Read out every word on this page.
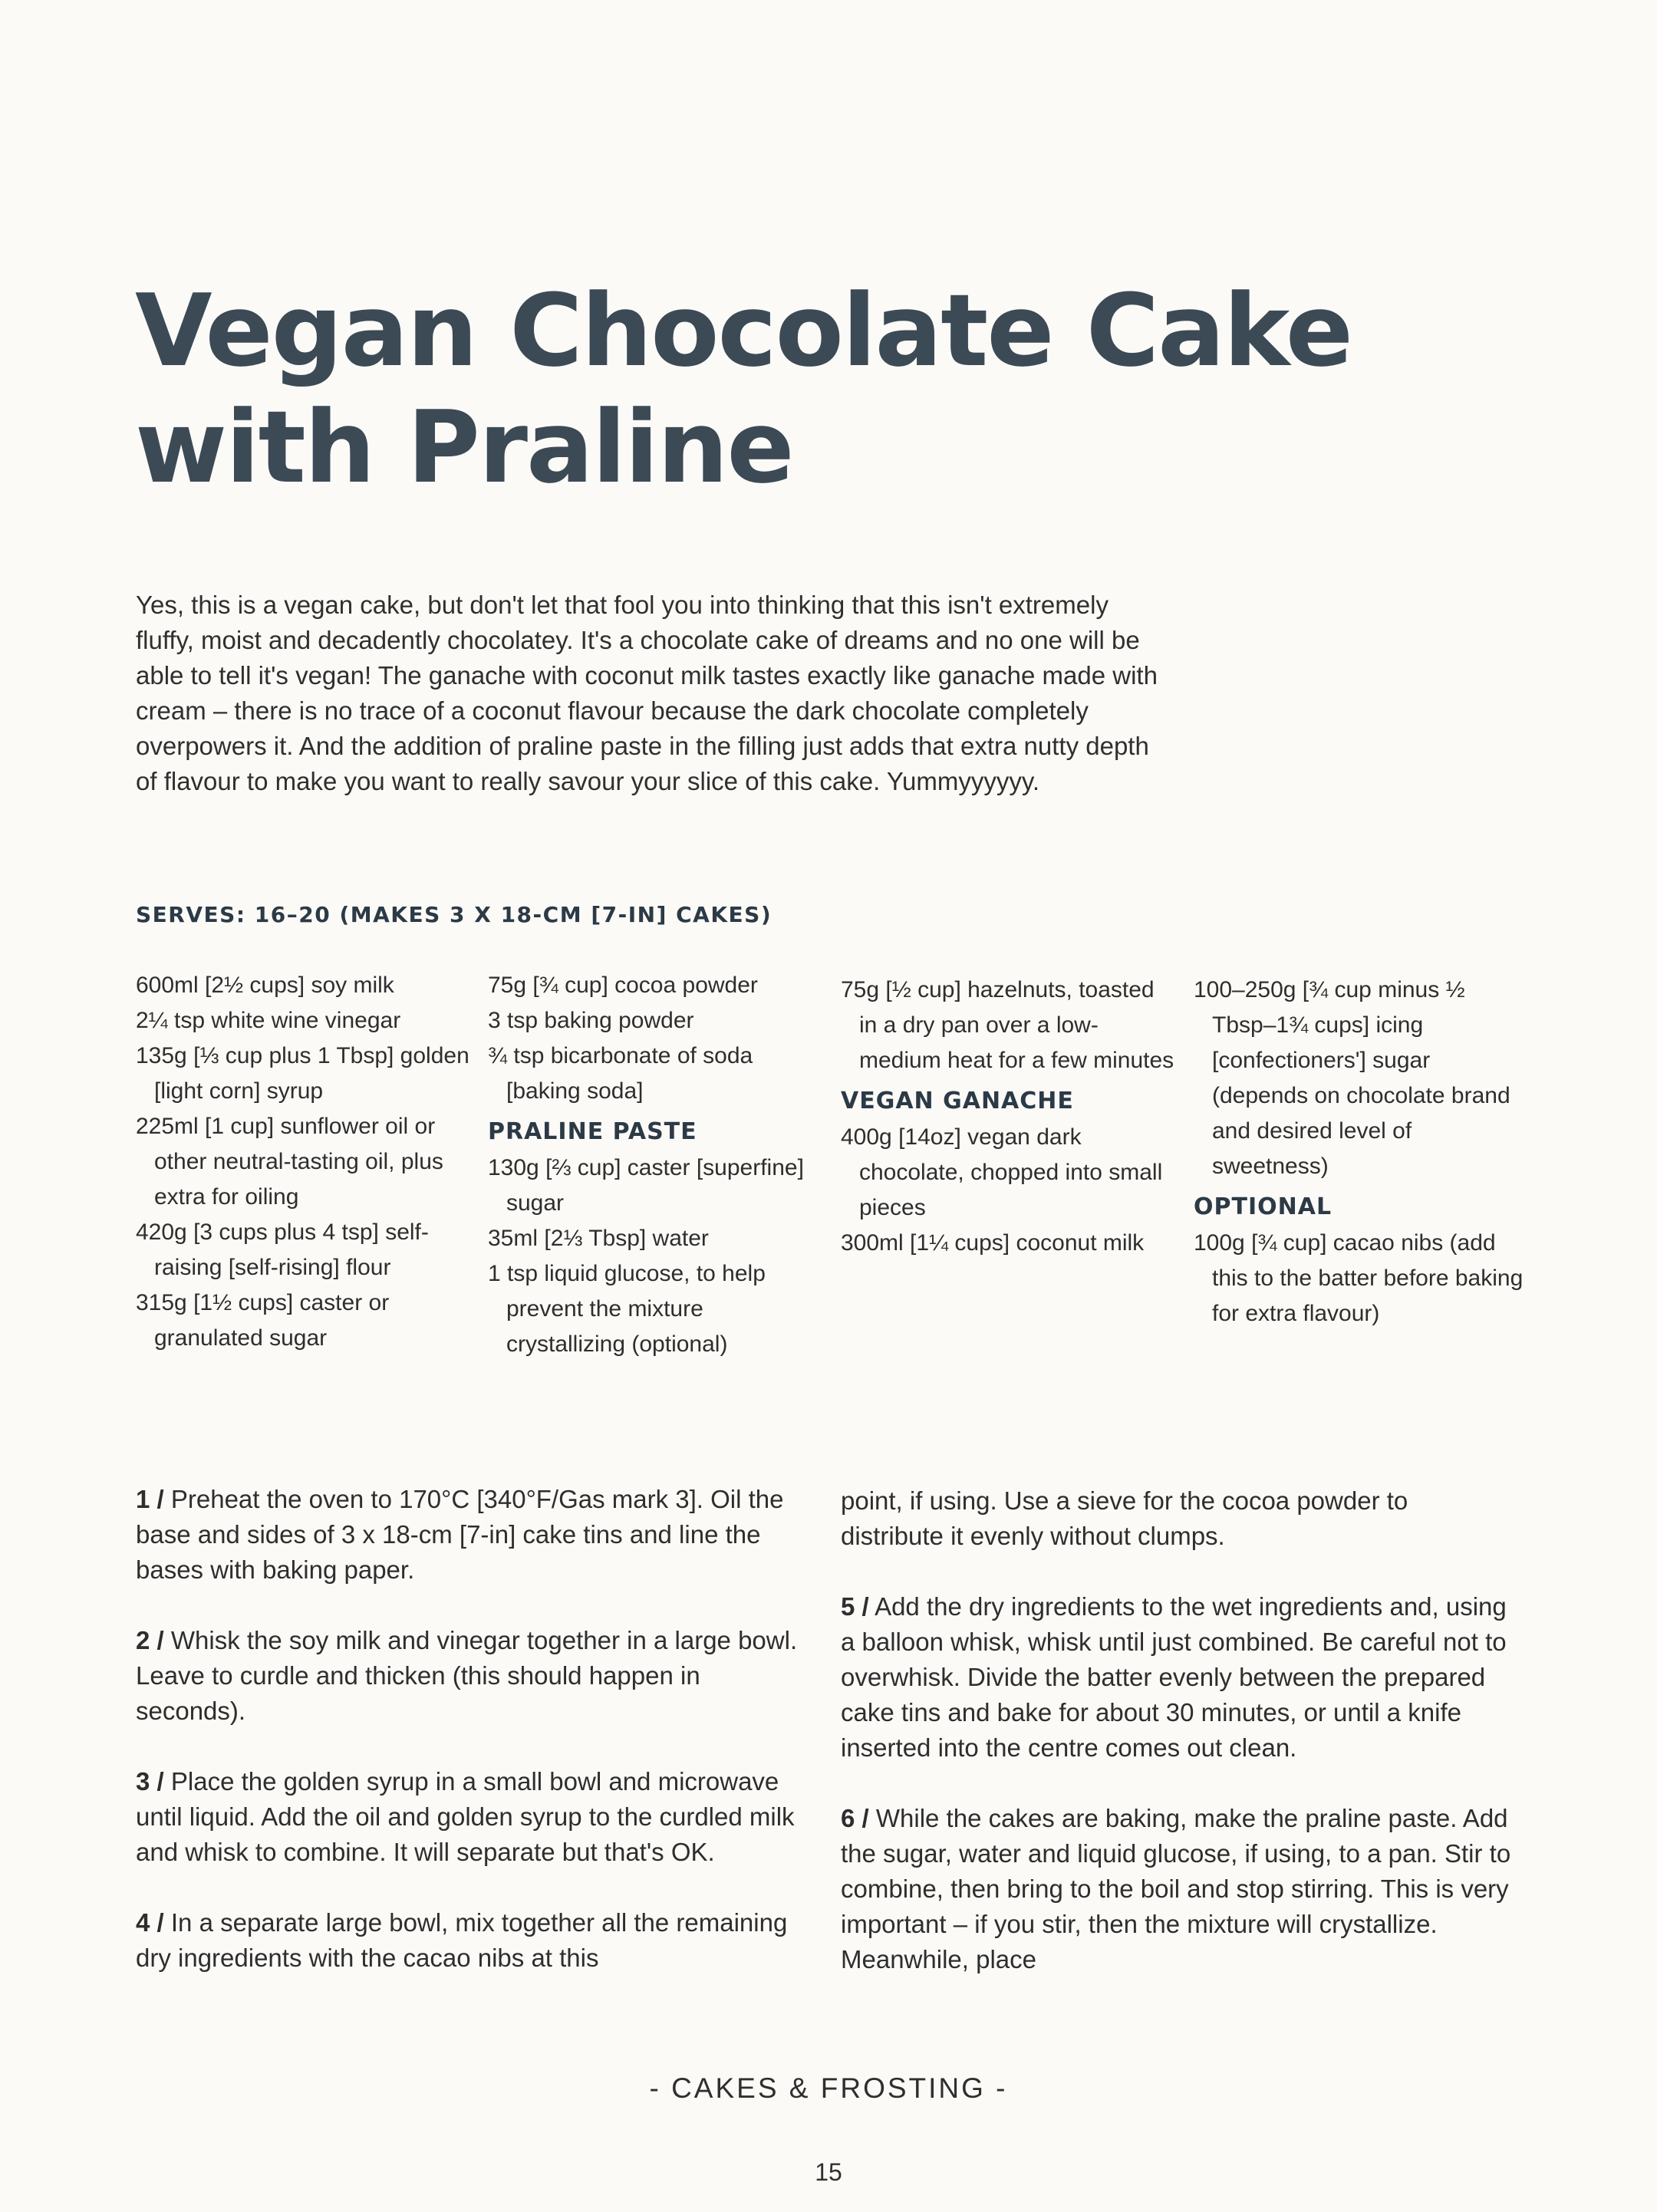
Vegan Chocolate Cake
with Praline

Yes, this is a vegan cake, but don't let that fool you into thinking that this isn't extremely fluffy, moist and decadently chocolatey. It's a chocolate cake of dreams and no one will be able to tell it's vegan! The ganache with coconut milk tastes exactly like ganache made with cream – there is no trace of a coconut flavour because the dark chocolate completely overpowers it. And the addition of praline paste in the filling just adds that extra nutty depth of flavour to make you want to really savour your slice of this cake. Yummyyyyyy.

SERVES: 16–20 (MAKES 3 X 18-CM [7-IN] CAKES)

600ml [2½ cups] soy milk
2¼ tsp white wine vinegar
135g [⅓ cup plus 1 Tbsp] golden [light corn] syrup
225ml [1 cup] sunflower oil or other neutral-tasting oil, plus extra for oiling
420g [3 cups plus 4 tsp] self-raising [self-rising] flour
315g [1½ cups] caster or granulated sugar
75g [¾ cup] cocoa powder
3 tsp baking powder
¾ tsp bicarbonate of soda [baking soda]
PRALINE PASTE
130g [⅔ cup] caster [superfine] sugar
35ml [2⅓ Tbsp] water
1 tsp liquid glucose, to help prevent the mixture crystallizing (optional)
75g [½ cup] hazelnuts, toasted in a dry pan over a low-medium heat for a few minutes
VEGAN GANACHE
400g [14oz] vegan dark chocolate, chopped into small pieces
300ml [1¼ cups] coconut milk
100–250g [¾ cup minus ½ Tbsp–1¾ cups] icing [confectioners'] sugar (depends on chocolate brand and desired level of sweetness)
OPTIONAL
100g [¾ cup] cacao nibs (add this to the batter before baking for extra flavour)

1 / Preheat the oven to 170°C [340°F/Gas mark 3]. Oil the base and sides of 3 x 18-cm [7-in] cake tins and line the bases with baking paper.

2 / Whisk the soy milk and vinegar together in a large bowl. Leave to curdle and thicken (this should happen in seconds).

3 / Place the golden syrup in a small bowl and microwave until liquid. Add the oil and golden syrup to the curdled milk and whisk to combine. It will separate but that's OK.

4 / In a separate large bowl, mix together all the remaining dry ingredients with the cacao nibs at this

point, if using. Use a sieve for the cocoa powder to distribute it evenly without clumps.

5 / Add the dry ingredients to the wet ingredients and, using a balloon whisk, whisk until just combined. Be careful not to overwhisk. Divide the batter evenly between the prepared cake tins and bake for about 30 minutes, or until a knife inserted into the centre comes out clean.

6 / While the cakes are baking, make the praline paste. Add the sugar, water and liquid glucose, if using, to a pan. Stir to combine, then bring to the boil and stop stirring. This is very important – if you stir, then the mixture will crystallize. Meanwhile, place

- CAKES & FROSTING -
15
